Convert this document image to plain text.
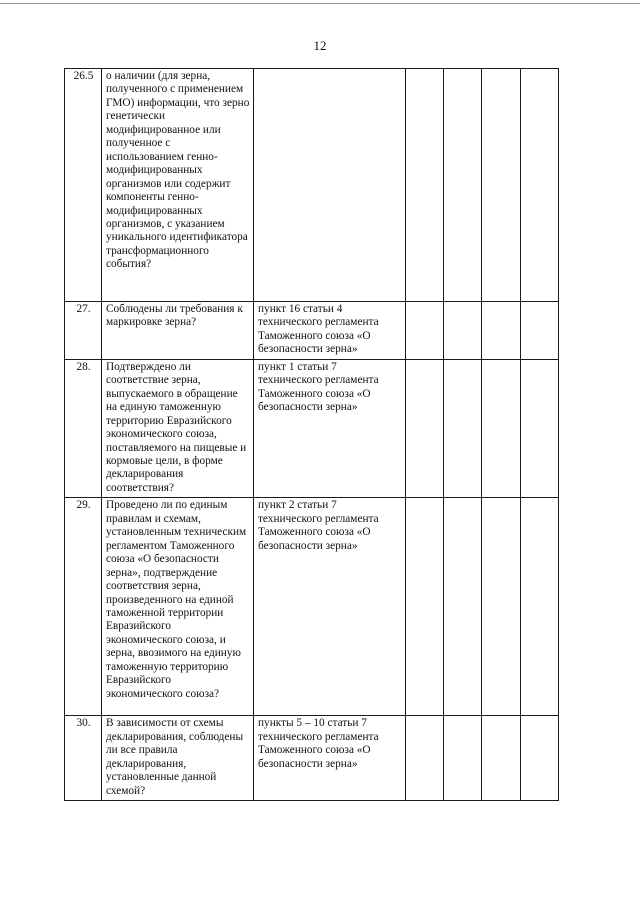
12
26.5	о наличии (для зерна, полученного с применением ГМО) информации, что зерно генетически модифицированное или полученное с использованием генно-модифицированных организмов или содержит компоненты генно-модифицированных организмов, с указанием уникального идентификатора трансформационного события?					
27.	Соблюдены ли требования к маркировке зерна?	пункт 16 статьи 4 технического регламента Таможенного союза «О безопасности зерна»				
28.	Подтверждено ли соответствие зерна, выпускаемого в обращение на единую таможенную территорию Евразийского экономического союза, поставляемого на пищевые и кормовые цели, в форме декларирования соответствия?	пункт 1 статьи 7 технического регламента Таможенного союза «О безопасности зерна»				
29.	Проведено ли по единым правилам и схемам, установленным техническим регламентом Таможенного союза «О безопасности зерна», подтверждение соответствия зерна, произведенного на единой таможенной территории Евразийского экономического союза, и зерна, ввозимого на единую таможенную территорию Евразийского экономического союза?	пункт 2 статьи 7 технического регламента Таможенного союза «О безопасности зерна»				
30.	В зависимости от схемы декларирования, соблюдены ли все правила декларирования, установленные данной схемой?	пункты 5 – 10 статьи 7 технического регламента Таможенного союза «О безопасности зерна»				
